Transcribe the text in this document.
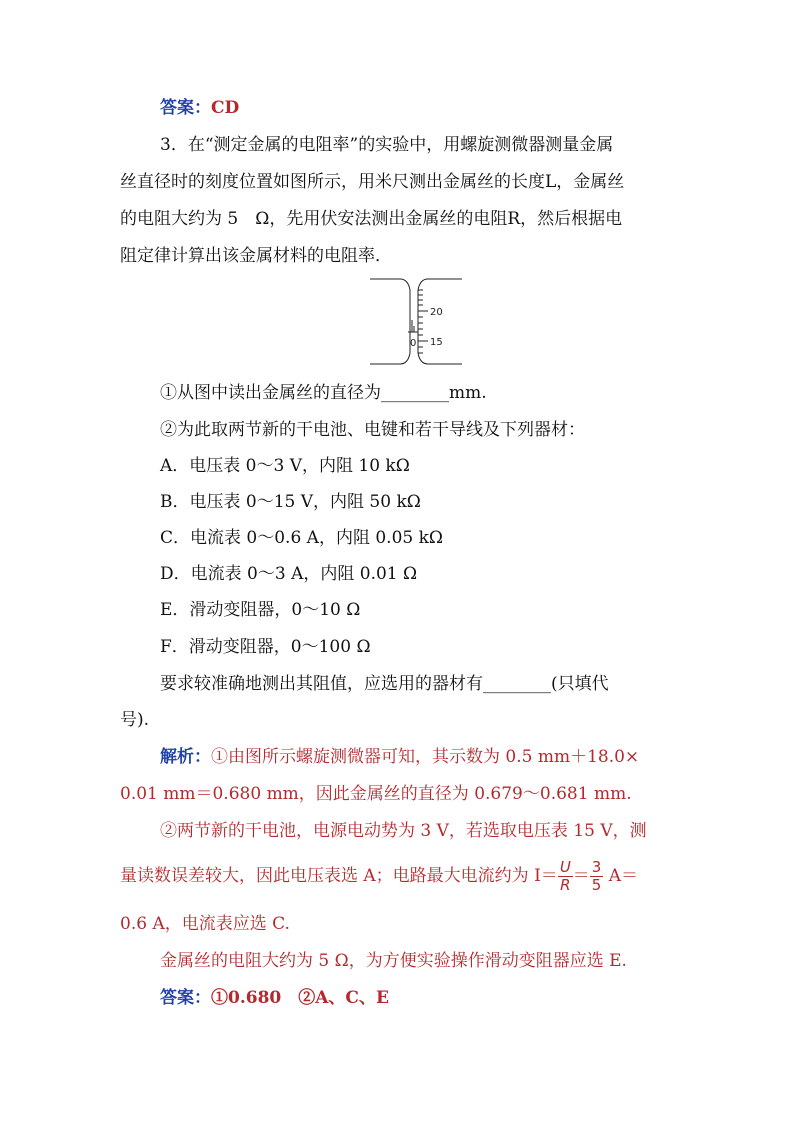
答案：CD
3．在“测定金属的电阻率”的实验中，用螺旋测微器测量金属
丝直径时的刻度位置如图所示，用米尺测出金属丝的长度L，金属丝
的电阻大约为 5　Ω，先用伏安法测出金属丝的电阻R，然后根据电
阻定律计算出该金属材料的电阻率．
20
15
0
①从图中读出金属丝的直径为________mm.
②为此取两节新的干电池、电键和若干导线及下列器材：
A．电压表 0～3 V，内阻 10 kΩ
B．电压表 0～15 V，内阻 50 kΩ
C．电流表 0～0.6 A，内阻 0.05 kΩ
D．电流表 0～3 A，内阻 0.01 Ω
E．滑动变阻器，0～10 Ω
F．滑动变阻器，0～100 Ω
要求较准确地测出其阻值，应选用的器材有________(只填代
号).
解析：①由图所示螺旋测微器可知，其示数为 0.5 mm＋18.0×
0.01 mm＝0.680 mm，因此金属丝的直径为 0.679～0.681 mm.
②两节新的干电池，电源电动势为 3 V，若选取电压表 15 V，测
量读数误差较大，因此电压表选 A；电路最大电流约为 $I= \frac{U}{R} = \frac{3}{5} A=$
0.6 A，电流表应选 C.
金属丝的电阻大约为 5 Ω，为方便实验操作滑动变阻器应选 E.
答案：①0.680　②A、C、E
